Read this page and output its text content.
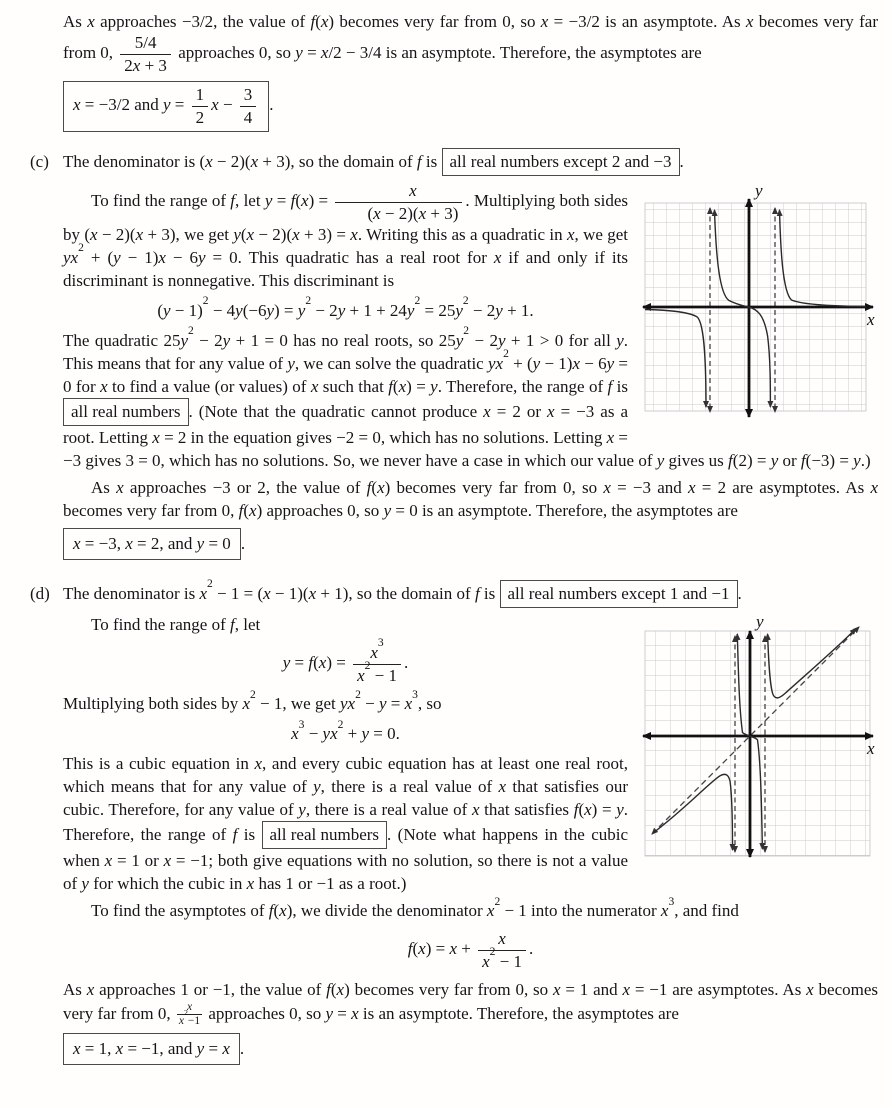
As x approaches −3/2, the value of f(x) becomes very far from 0, so x = −3/2 is an asymptote. As x becomes very far from 0, $\frac{5/4}{2x + 3}$ approaches 0, so y = x/2 − 3/4 is an asymptote. Therefore, the asymptotes are

x = −3/2 and $y = \frac{1}{2}$ $x - \frac{3}{4}$ .
(c) The denominator is (x − 2)(x + 3), so the domain of f is all real numbers except 2 and −3 .
y
x

To find the range of f, let $y = f(x) = \frac{x}{(x - 2)(x + 3)}$ . Multiplying both sides by (x − 2)(x + 3), we get y(x − 2)(x + 3) = x. Writing this as a quadratic in x, we get $yx^2 + (y - 1)x - 6y = 0$. This quadratic has a real root for x if and only if its discriminant is nonnegative. This discriminant is

$(y - 1)^2 - 4y(-6y) = y^2 - 2y + 1 + 24y^2 = 25y^2 - 2y + 1$.

The quadratic $25y^2 - 2y + 1 = 0$ has no real roots, so $25y^2 - 2y + 1 > 0$ for all y. This means that for any value of y, we can solve the quadratic $yx^2 + (y - 1)x - 6y = 0$ for x to find a value (or values) of x such that f(x) = y. Therefore, the range of f is all real numbers . (Note that the quadratic cannot produce x = 2 or x = −3 as a root. Letting x = 2 in the equation gives −2 = 0, which has no solutions. Letting x = −3 gives 3 = 0, which has no solutions. So, we never have a case in which our value of y gives us f(2) = y or f(−3) = y.)

As x approaches −3 or 2, the value of f(x) becomes very far from 0, so x = −3 and x = 2 are asymptotes. As x becomes very far from 0, f(x) approaches 0, so y = 0 is an asymptote. Therefore, the asymptotes are

x = −3, x = 2, and y = 0 .
(d) The denominator is $x^2 - 1 = (x - 1)(x + 1)$, so the domain of f is all real numbers except 1 and −1 .
y
x

To find the range of f, let

$y = f(x) = \frac{x^3}{x^2 - 1}$ .

Multiplying both sides by $x^2 - 1$, we get $yx^2 - y = x^3$, so

$x^3 - yx^2 + y = 0$.

This is a cubic equation in x, and every cubic equation has at least one real root, which means that for any value of y, there is a real value of x that satisfies our cubic. Therefore, for any value of y, there is a real value of x that satisfies f(x) = y. Therefore, the range of f is all real numbers . (Note what happens in the cubic when x = 1 or x = −1; both give equations with no solution, so there is not a value of y for which the cubic in x has 1 or −1 as a root.)

To find the asymptotes of f(x), we divide the denominator $x^2 - 1$ into the numerator $x^3$, and find

$f(x) = x + \frac{x}{x^2 - 1}$ .

As x approaches 1 or −1, the value of f(x) becomes very far from 0, so x = 1 and x = −1 are asymptotes. As x becomes very far from 0, $\frac{x}{x^2-1}$ approaches 0, so y = x is an asymptote. Therefore, the asymptotes are

x = 1, x = −1, and y = x .
